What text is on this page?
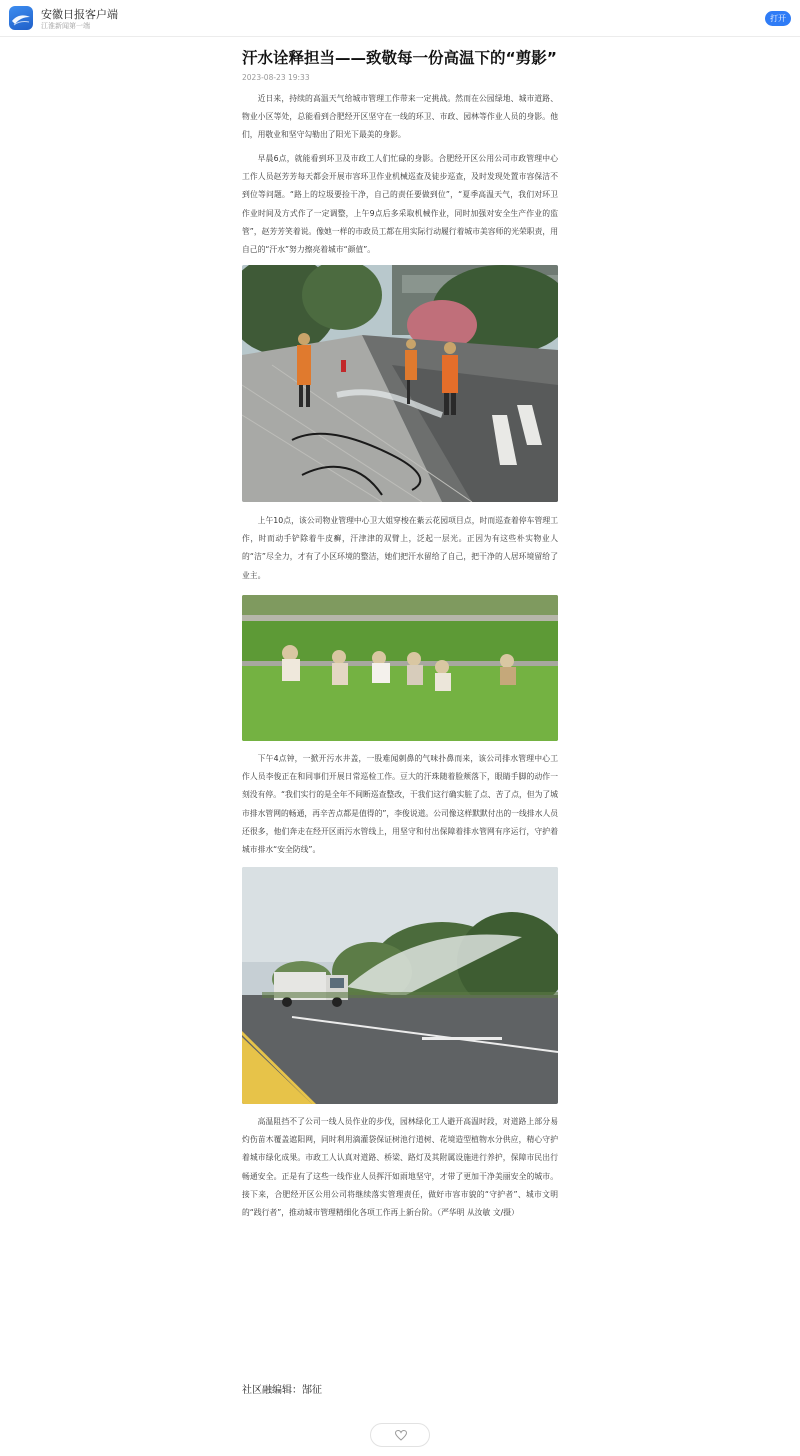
安徽日报客户端
江淮新闻第一端
打开
汗水诠释担当——致敬每一份高温下的“剪影”
2023-08-23 19:33

近日来，持续的高温天气给城市管理工作带来一定挑战。然而在公园绿地、城市道路、物业小区等处，总能看到合肥经开区坚守在一线的环卫、市政、园林等作业人员的身影。他们，用敬业和坚守勾勒出了阳光下最美的身影。

早晨6点，就能看到环卫及市政工人们忙碌的身影。合肥经开区公用公司市政管理中心工作人员赵芳芳每天都会开展市容环卫作业机械巡查及徒步巡查，及时发现处置市容保洁不到位等问题。“路上的垃圾要捡干净，自己的责任要做到位”，“夏季高温天气，我们对环卫作业时间及方式作了一定调整，上午9点后多采取机械作业，同时加强对安全生产作业的监管”，赵芳芳笑着说。像她一样的市政员工都在用实际行动履行着城市美容师的光荣职责，用自己的“汗水”努力擦亮着城市“颜值”。

上午10点，该公司物业管理中心卫大姐穿梭在紫云花园项目点，时而巡查着停车管理工作，时而动手铲除着牛皮癣，汗津津的双臂上，泛起一层光。正因为有这些朴实物业人的“洁”尽全力，才有了小区环境的整洁，她们把汗水留给了自己，把干净的人居环境留给了业主。

下午4点钟，一掀开污水井盖，一股难闻刺鼻的气味扑鼻而来，该公司排水管理中心工作人员李俊正在和同事们开展日常巡检工作。豆大的汗珠随着脸颊落下，眼睛手脚的动作一刻没有停。“我们实行的是全年不间断巡查整改，干我们这行确实脏了点、苦了点，但为了城市排水管网的畅通，再辛苦点都是值得的”，李俊说道。公司像这样默默付出的一线排水人员还很多，他们奔走在经开区雨污水管线上，用坚守和付出保障着排水管网有序运行，守护着城市排水“安全防线”。

高温阻挡不了公司一线人员作业的步伐，园林绿化工人避开高温时段，对道路上部分易灼伤苗木覆盖遮阳网，同时利用滴灌袋保证树池行道树、花境造型植物水分供应，精心守护着城市绿化成果。市政工人认真对道路、桥梁、路灯及其附属设施进行养护，保障市民出行畅通安全。正是有了这些一线作业人员挥汗如雨地坚守，才带了更加干净美丽安全的城市。接下来，合肥经开区公用公司将继续落实管理责任，做好市容市貌的“守护者”、城市文明的“践行者”，推动城市管理精细化各项工作再上新台阶。（严华明 从汝敏 文/摄）

社区融编辑：郜征
